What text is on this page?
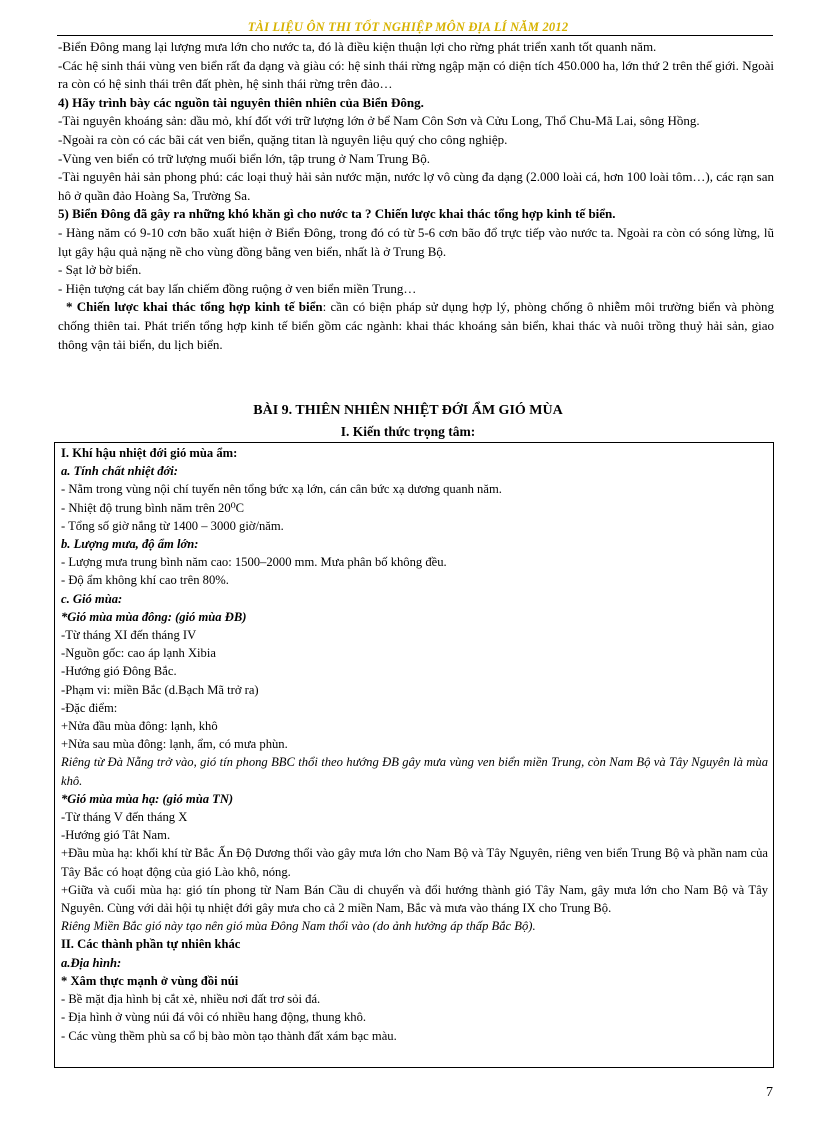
TÀI LIỆU ÔN THI TỐT NGHIỆP MÔN ĐỊA LÍ NĂM 2012

-Biển Đông mang lại lượng mưa lớn cho nước ta, đó là điều kiện thuận lợi cho rừng phát triển xanh tốt quanh năm.

-Các hệ sinh thái vùng ven biển rất đa dạng và giàu có: hệ sinh thái rừng ngập mặn có diện tích 450.000 ha, lớn thứ 2 trên thế giới. Ngoài ra còn có hệ sinh thái trên đất phèn, hệ sinh thái rừng trên đảo…

4) Hãy trình bày các nguồn tài nguyên thiên nhiên của Biển Đông.

-Tài nguyên khoáng sản: dầu mỏ, khí đốt với trữ lượng lớn ở bể Nam Côn Sơn và Cửu Long, Thổ Chu-Mã Lai, sông Hồng.

-Ngoài ra còn có các bãi cát ven biển, quặng titan là nguyên liệu quý cho công nghiệp.

-Vùng ven biển có trữ lượng muối biển lớn, tập trung ở Nam Trung Bộ.

-Tài nguyên hải sản phong phú: các loại thuỷ hải sản nước mặn, nước lợ vô cùng đa dạng (2.000 loài cá, hơn 100 loài tôm…), các rạn san hô ở quần đảo Hoàng Sa, Trường Sa.

5) Biển Đông đã gây ra những khó khăn gì cho nước ta ? Chiến lược khai thác tổng hợp kinh tế biển.

- Hàng năm có 9-10 cơn bão xuất hiện ở Biển Đông, trong đó có từ 5-6 cơn bão đổ trực tiếp vào nước ta. Ngoài ra còn có sóng lừng, lũ lụt gây hậu quả nặng nề cho vùng đồng bằng ven biển, nhất là ở Trung Bộ.

- Sạt lở bờ biển.

- Hiện tượng cát bay lấn chiếm đồng ruộng ở ven biển miền Trung…

* Chiến lược khai thác tổng hợp kinh tế biển: cần có biện pháp sử dụng hợp lý, phòng chống ô nhiễm môi trường biển và phòng chống thiên tai. Phát triển tổng hợp kinh tế biển gồm các ngành: khai thác khoáng sản biển, khai thác và nuôi trồng thuỷ hải sản, giao thông vận tải biển, du lịch biển.

BÀI 9. THIÊN NHIÊN NHIỆT ĐỚI ẨM GIÓ MÙA
I. Kiến thức trọng tâm:

I. Khí hậu nhiệt đới gió mùa ẩm:

a. Tính chất nhiệt đới:

- Nằm trong vùng nội chí tuyến nên tổng bức xạ lớn, cán cân bức xạ dương quanh năm.

- Nhiệt độ trung bình năm trên 20⁰C

- Tổng số giờ nắng từ 1400 – 3000 giờ/năm.

b. Lượng mưa, độ ẩm lớn:

- Lượng mưa trung bình năm cao: 1500–2000 mm. Mưa phân bố không đều.

- Độ ẩm không khí cao trên 80%.

c. Gió mùa:

*Gió mùa mùa đông: (gió mùa ĐB)

-Từ tháng XI đến tháng IV

-Nguồn gốc: cao áp lạnh Xibia

-Hướng gió Đông Bắc.

-Phạm vi: miền Bắc (d.Bạch Mã trở ra)

-Đặc điểm:

+Nửa đầu mùa đông: lạnh, khô

+Nửa sau mùa đông: lạnh, ẩm, có mưa phùn.

Riêng từ Đà Nẵng trở vào, gió tín phong BBC thổi theo hướng ĐB gây mưa vùng ven biển miền Trung, còn Nam Bộ và Tây Nguyên là mùa khô.

*Gió mùa mùa hạ: (gió mùa TN)

-Từ tháng V đến tháng X

-Hướng gió Tât Nam.

+Đầu mùa hạ: khối khí từ Bắc Ấn Độ Dương thổi vào gây mưa lớn cho Nam Bộ và Tây Nguyên, riêng ven biển Trung Bộ và phần nam của Tây Bắc có hoạt động của gió Lào khô, nóng.

+Giữa và cuối mùa hạ: gió tín phong từ Nam Bán Cầu di chuyển và đổi hướng thành gió Tây Nam, gây mưa lớn cho Nam Bộ và Tây Nguyên. Cùng với dải hội tụ nhiệt đới gây mưa cho cả 2 miền Nam, Bắc và mưa vào tháng IX cho Trung Bộ.

Riêng Miền Bắc gió này tạo nên gió mùa Đông Nam thổi vào (do ảnh hưởng áp thấp Bắc Bộ).

II. Các thành phần tự nhiên khác

a.Địa hình:

* Xâm thực mạnh ở vùng đồi núi

- Bề mặt địa hình bị cắt xẻ, nhiều nơi đất trơ sỏi đá.

- Địa hình ở vùng núi đá vôi có nhiều hang động, thung khô.

- Các vùng thềm phù sa cổ bị bào mòn tạo thành đất xám bạc màu.

7
